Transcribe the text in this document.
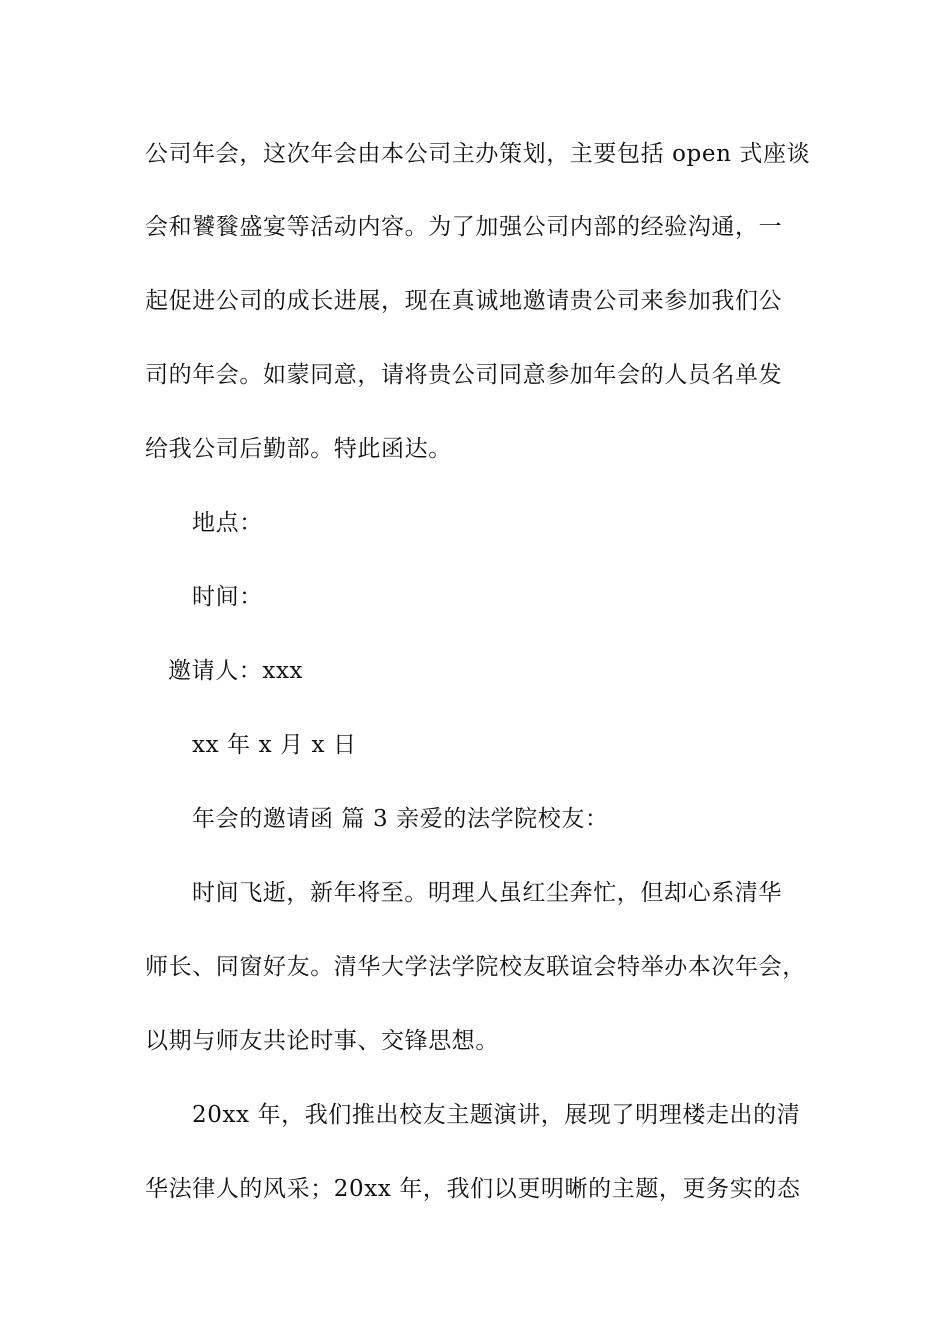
公司年会，这次年会由本公司主办策划，主要包括 open 式座谈
会和饕餮盛宴等活动内容。为了加强公司内部的经验沟通，一
起促进公司的成长进展，现在真诚地邀请贵公司来参加我们公
司的年会。如蒙同意，请将贵公司同意参加年会的人员名单发
给我公司后勤部。特此函达。
地点：
时间：
邀请人：xxx
xx 年 x 月 x 日
年会的邀请函 篇 3 亲爱的法学院校友：
时间飞逝，新年将至。明理人虽红尘奔忙，但却心系清华
师长、同窗好友。清华大学法学院校友联谊会特举办本次年会，
以期与师友共论时事、交锋思想。
20xx 年，我们推出校友主题演讲，展现了明理楼走出的清
华法律人的风采；20xx 年，我们以更明晰的主题，更务实的态
